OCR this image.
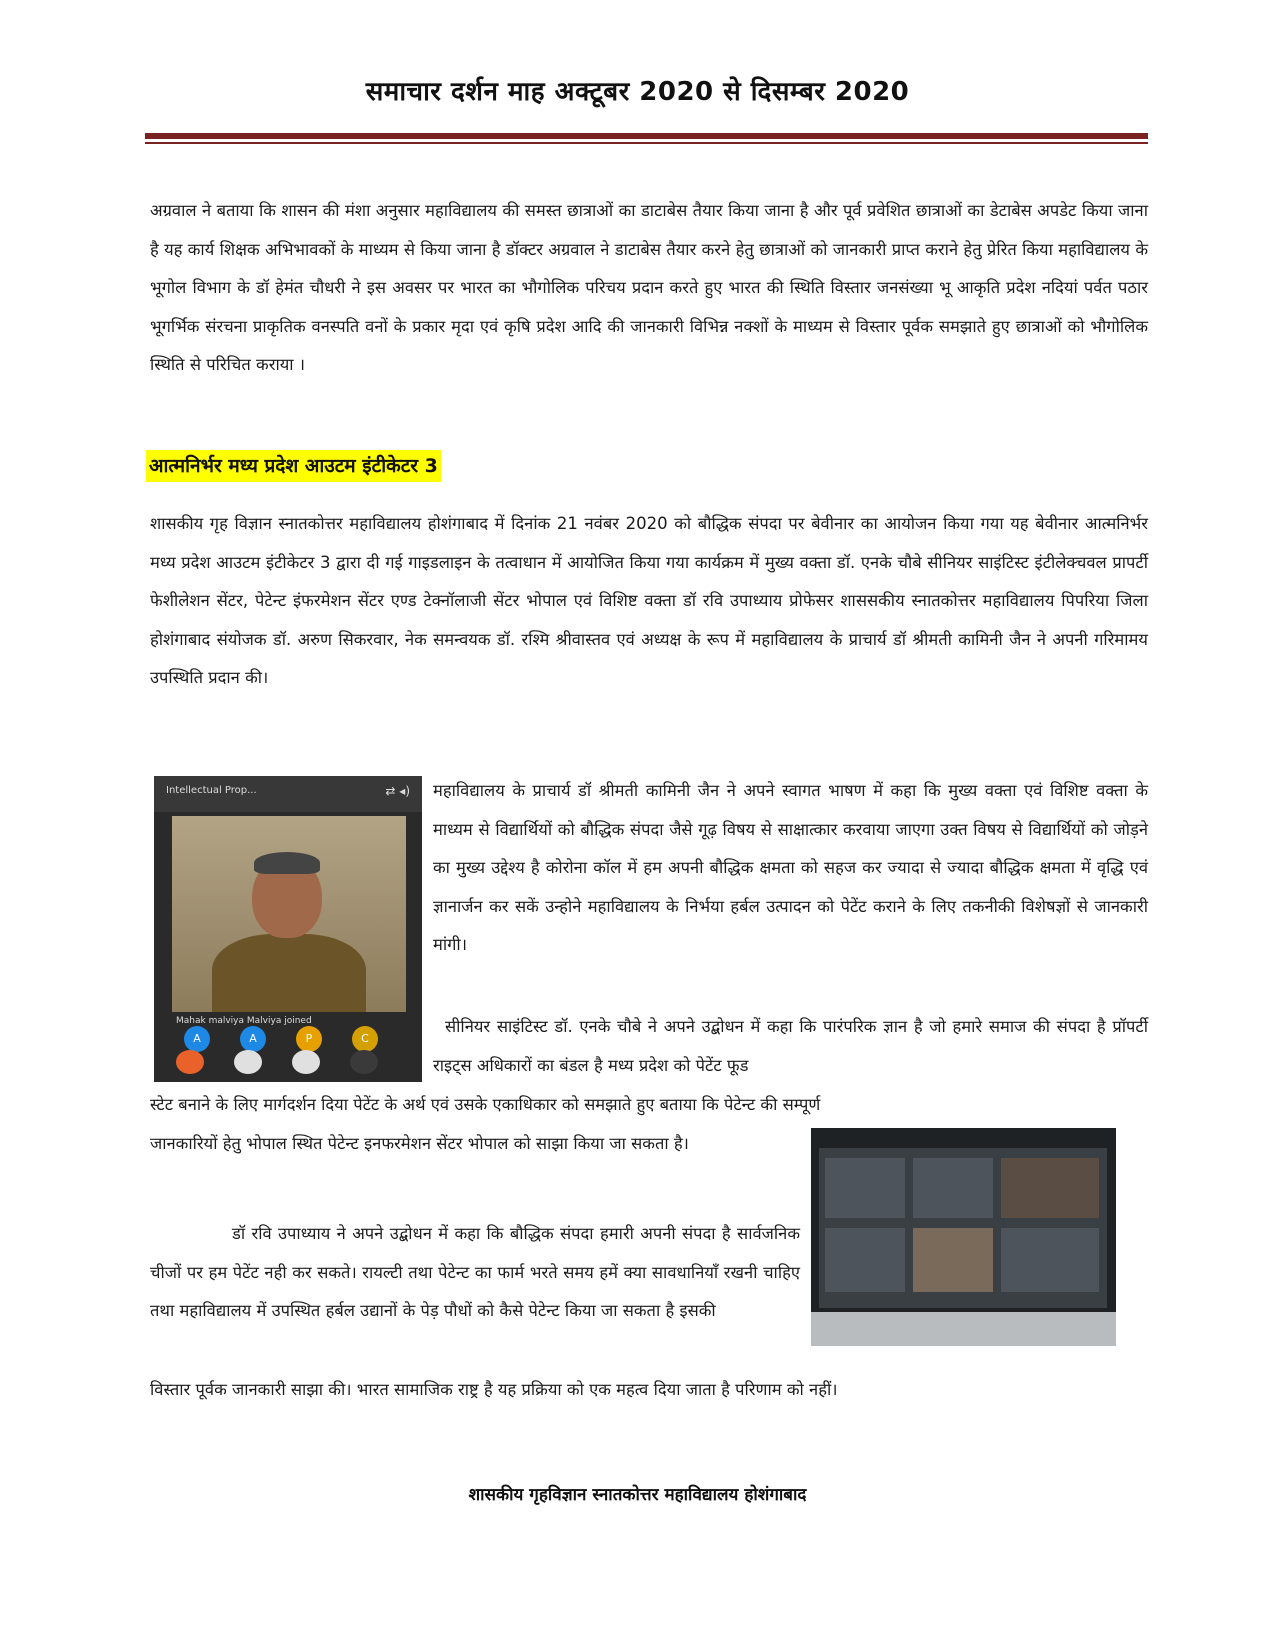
समाचार दर्शन माह अक्टूबर 2020 से दिसम्बर 2020

अग्रवाल ने बताया कि शासन की मंशा अनुसार महाविद्यालय की समस्त छात्राओं का डाटाबेस तैयार किया जाना है और पूर्व प्रवेशित छात्राओं का डेटाबेस अपडेट किया जाना है यह कार्य शिक्षक अभिभावकों के माध्यम से किया जाना है डॉक्टर अग्रवाल ने डाटाबेस तैयार करने हेतु छात्राओं को जानकारी प्राप्त कराने हेतु प्रेरित किया महाविद्यालय के भूगोल विभाग के डॉ हेमंत चौधरी ने इस अवसर पर भारत का भौगोलिक परिचय प्रदान करते हुए भारत की स्थिति विस्तार जनसंख्या भू आकृति प्रदेश नदियां पर्वत पठार भूगर्भिक संरचना प्राकृतिक वनस्पति वनों के प्रकार मृदा एवं कृषि प्रदेश आदि की जानकारी विभिन्न नक्शों के माध्यम से विस्तार पूर्वक समझाते हुए छात्राओं को भौगोलिक स्थिति से परिचित कराया ।

आत्मनिर्भर मध्य प्रदेश आउटम इंटीकेटर 3

शासकीय गृह विज्ञान स्नातकोत्तर महाविद्यालय होशंगाबाद में दिनांक 21 नवंबर 2020 को बौद्धिक संपदा पर बेवीनार का आयोजन किया गया यह बेवीनार आत्मनिर्भर मध्य प्रदेश आउटम इंटीकेटर 3 द्वारा दी गई गाइडलाइन के तत्वाधान में आयोजित किया गया कार्यक्रम में मुख्य वक्ता डॉ. एनके चौबे सीनियर साइंटिस्ट इंटीलेक्चवल प्रापर्टी फेशीलेशन सेंटर, पेटेन्ट इंफरमेशन सेंटर एण्ड टेक्नॉलाजी सेंटर भोपाल एवं विशिष्ट वक्ता डॉ रवि उपाध्याय प्रोफेसर शाससकीय स्नातकोत्तर महाविद्यालय पिपरिया जिला होशंगाबाद संयोजक डॉ. अरुण सिकरवार, नेक समन्वयक डॉ. रश्मि श्रीवास्तव एवं अध्यक्ष के रूप में महाविद्यालय के प्राचार्य डॉ श्रीमती कामिनी जैन ने अपनी गरिमामय उपस्थिति प्रदान की।

Intellectual Prop...	⇄ ◂)
Mahak malviya Malviya joined
A	A	P	C

महाविद्यालय के प्राचार्य डॉ श्रीमती कामिनी जैन ने अपने स्वागत भाषण में कहा कि मुख्य वक्ता एवं विशिष्ट वक्ता के माध्यम से विद्यार्थियों को बौद्धिक संपदा जैसे गूढ़ विषय से साक्षात्कार करवाया जाएगा उक्त विषय से विद्यार्थियों को जोड़ने का मुख्य उद्देश्य है कोरोना कॉल में हम अपनी बौद्धिक क्षमता को सहज कर ज्यादा से ज्यादा बौद्धिक क्षमता में वृद्धि एवं ज्ञानार्जन कर सकें उन्होने महाविद्यालय के निर्भया हर्बल उत्पादन को पेटेंट कराने के लिए तकनीकी विशेषज्ञों से जानकारी मांगी।

सीनियर साइंटिस्ट डॉ. एनके चौबे ने अपने उद्बोधन में कहा कि पारंपरिक ज्ञान है जो हमारे समाज की संपदा है प्रॉपर्टी राइट्स अधिकारों का बंडल है मध्य प्रदेश को पेटेंट फूड

स्टेट बनाने के लिए मार्गदर्शन दिया पेटेंट के अर्थ एवं उसके एकाधिकार को समझाते हुए बताया कि पेटेन्ट की सम्पूर्ण

जानकारियों हेतु भोपाल स्थित पेटेन्ट इनफरमेशन सेंटर भोपाल को साझा किया जा सकता है।

डॉ रवि उपाध्याय ने अपने उद्बोधन में कहा कि बौद्धिक संपदा हमारी अपनी संपदा है सार्वजनिक चीजों पर हम पेटेंट नही कर सकते। रायल्टी तथा पेटेन्ट का फार्म भरते समय हमें क्या सावधानियॉं रखनी चाहिए तथा महाविद्यालय में उपस्थित हर्बल उद्यानों के पेड़ पौधों को कैसे पेटेन्ट किया जा सकता है इसकी

विस्तार पूर्वक जानकारी साझा की। भारत सामाजिक राष्ट्र है यह प्रक्रिया को एक महत्व दिया जाता है परिणाम को नहीं।

शासकीय गृहविज्ञान स्नातकोत्तर महाविद्यालय होशंगाबाद
